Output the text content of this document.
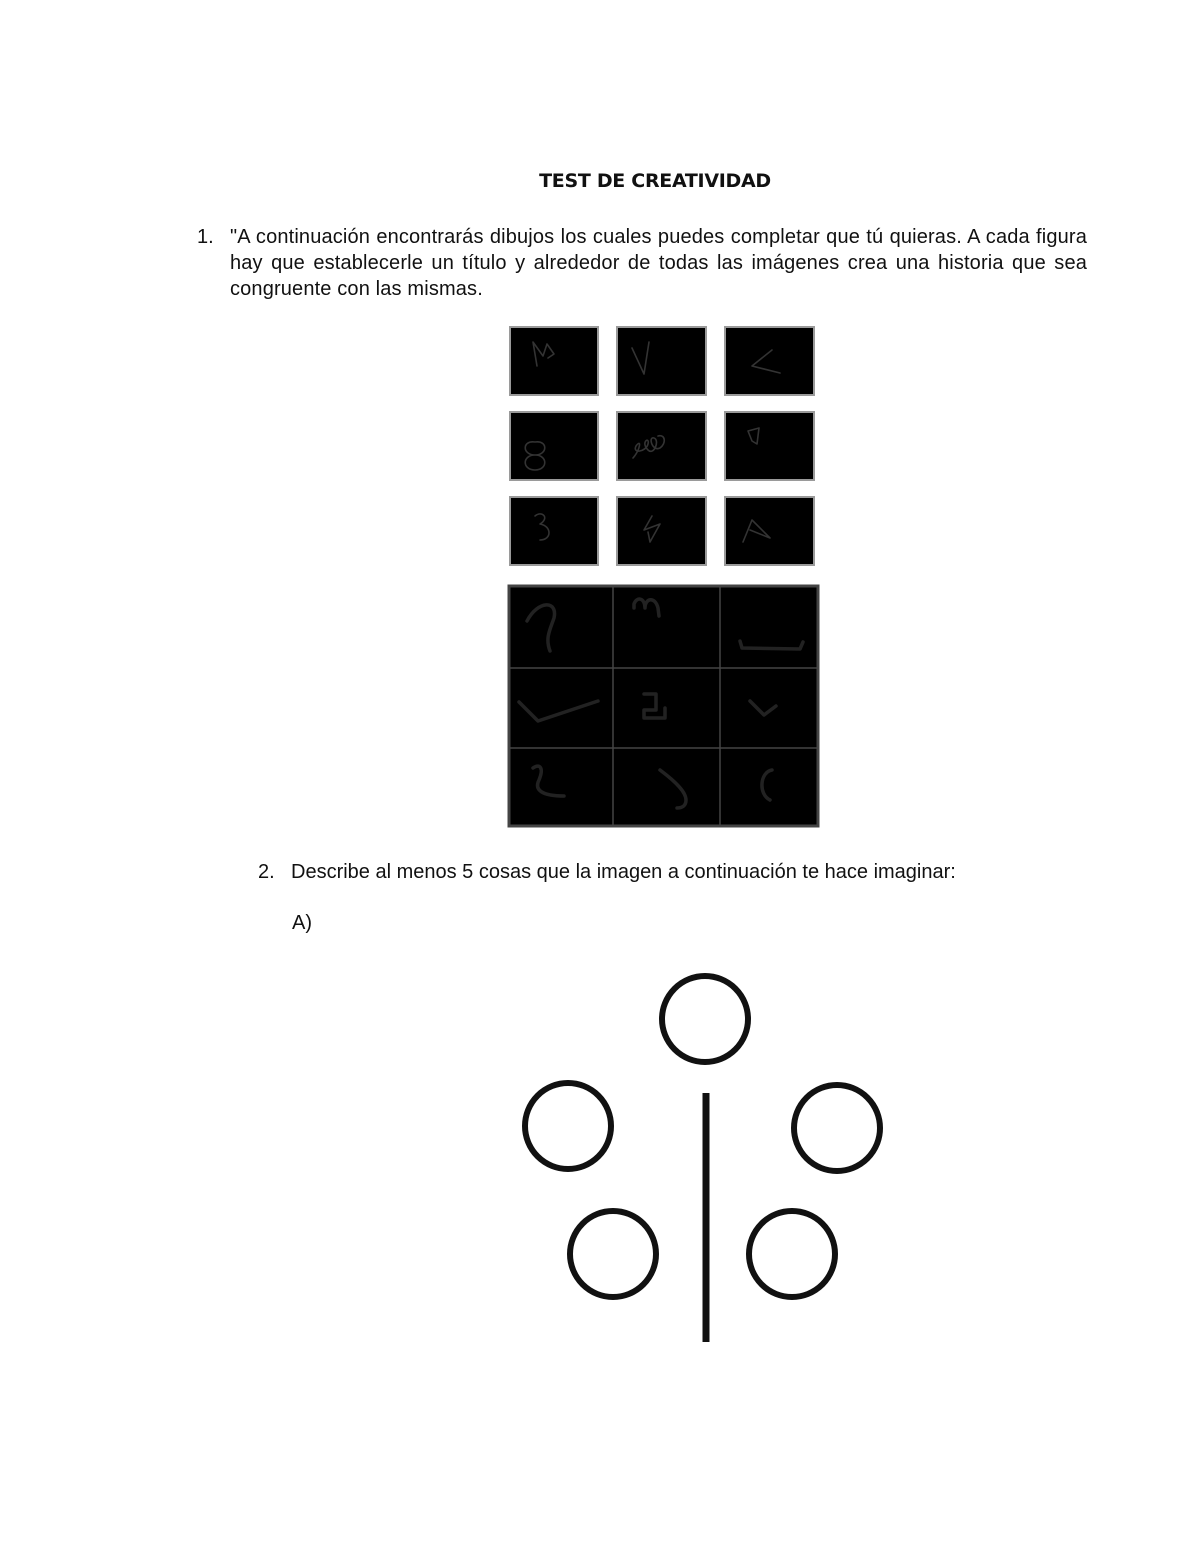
TEST DE CREATIVIDAD
1. "A continuación encontrarás dibujos los cuales puedes completar que tú quieras. A cada figura hay que establecerle un título y alrededor de todas las imágenes crea una historia que sea congruente con las mismas.
2. Describe al menos 5 cosas que la imagen a continuación te hace imaginar:
A)
